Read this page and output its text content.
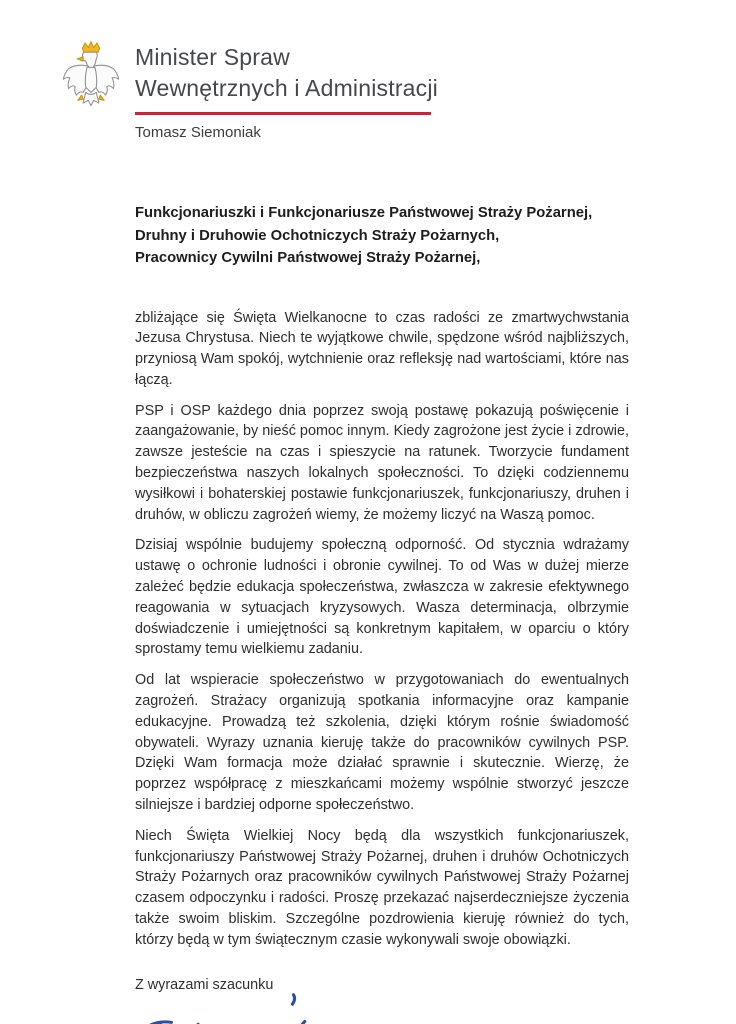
Minister Spraw
Wewnętrznych i Administracji
Tomasz Siemoniak
Funkcjonariuszki i Funkcjonariusze Państwowej Straży Pożarnej,
Druhny i Druhowie Ochotniczych Straży Pożarnych,
Pracownicy Cywilni Państwowej Straży Pożarnej,

zbliżające się Święta Wielkanocne to czas radości ze zmartwychwstania Jezusa Chrystusa. Niech te wyjątkowe chwile, spędzone wśród najbliższych, przyniosą Wam spokój, wytchnienie oraz refleksję nad wartościami, które nas łączą.

PSP i OSP każdego dnia poprzez swoją postawę pokazują poświęcenie i zaangażowanie, by nieść pomoc innym. Kiedy zagrożone jest życie i zdrowie, zawsze jesteście na czas i spieszycie na ratunek. Tworzycie fundament bezpieczeństwa naszych lokalnych społeczności. To dzięki codziennemu wysiłkowi i bohaterskiej postawie funkcjonariuszek, funkcjonariuszy, druhen i druhów, w obliczu zagrożeń wiemy, że możemy liczyć na Waszą pomoc.

Dzisiaj wspólnie budujemy społeczną odporność. Od stycznia wdrażamy ustawę o ochronie ludności i obronie cywilnej. To od Was w dużej mierze zależeć będzie edukacja społeczeństwa, zwłaszcza w zakresie efektywnego reagowania w sytuacjach kryzysowych. Wasza determinacja, olbrzymie doświadczenie i umiejętności są konkretnym kapitałem, w oparciu o który sprostamy temu wielkiemu zadaniu.

Od lat wspieracie społeczeństwo w przygotowaniach do ewentualnych zagrożeń. Strażacy organizują spotkania informacyjne oraz kampanie edukacyjne. Prowadzą też szkolenia, dzięki którym rośnie świadomość obywateli. Wyrazy uznania kieruję także do pracowników cywilnych PSP. Dzięki Wam formacja może działać sprawnie i skutecznie. Wierzę, że poprzez współpracę z mieszkańcami możemy wspólnie stworzyć jeszcze silniejsze i bardziej odporne społeczeństwo.

Niech Święta Wielkiej Nocy będą dla wszystkich funkcjonariuszek, funkcjonariuszy Państwowej Straży Pożarnej, druhen i druhów Ochotniczych Straży Pożarnych oraz pracowników cywilnych Państwowej Straży Pożarnej czasem odpoczynku i radości. Proszę przekazać najserdeczniejsze życzenia także swoim bliskim. Szczególne pozdrowienia kieruję również do tych, którzy będą w tym świątecznym czasie wykonywali swoje obowiązki.

Z wyrazami szacunku
